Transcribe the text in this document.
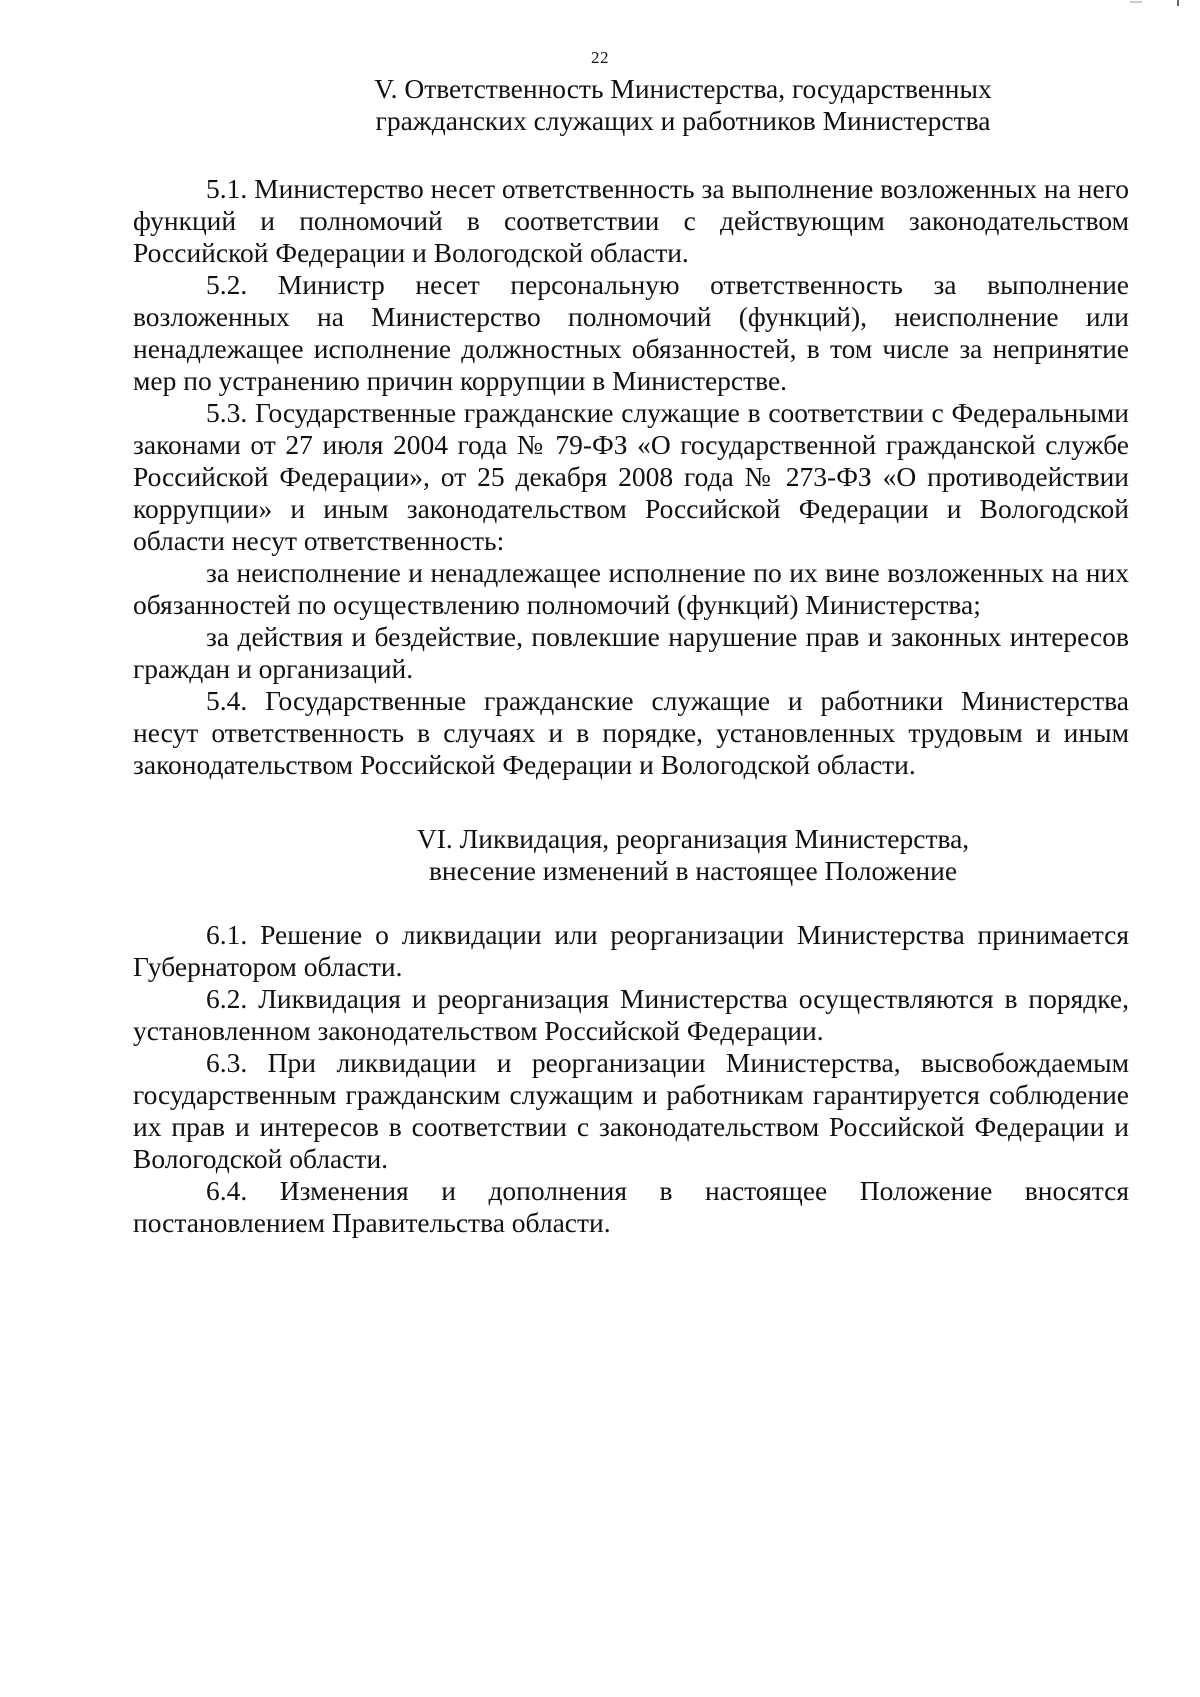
22
V. Ответственность Министерства, государственных
гражданских служащих и работников Министерства

5.1. Министерство несет ответственность за выполнение возложенных на него функций и полномочий в соответствии с действующим законодательством Российской Федерации и Вологодской области.

5.2. Министр несет персональную ответственность за выполнение возложенных на Министерство полномочий (функций), неисполнение или ненадлежащее исполнение должностных обязанностей, в том числе за непринятие мер по устранению причин коррупции в Министерстве.

5.3. Государственные гражданские служащие в соответствии с Федеральными законами от 27 июля 2004 года № 79-ФЗ «О государственной гражданской службе Российской Федерации», от 25 декабря 2008 года № 273-ФЗ «О противодействии коррупции» и иным законодательством Российской Федерации и Вологодской области несут ответственность:

за неисполнение и ненадлежащее исполнение по их вине возложенных на них обязанностей по осуществлению полномочий (функций) Министерства;

за действия и бездействие, повлекшие нарушение прав и законных интересов граждан и организаций.

5.4. Государственные гражданские служащие и работники Министерства несут ответственность в случаях и в порядке, установленных трудовым и иным законодательством Российской Федерации и Вологодской области.

VI. Ликвидация, реорганизация Министерства,
внесение изменений в настоящее Положение

6.1. Решение о ликвидации или реорганизации Министерства принимается Губернатором области.

6.2. Ликвидация и реорганизация Министерства осуществляются в порядке, установленном законодательством Российской Федерации.

6.3. При ликвидации и реорганизации Министерства, высвобождаемым государственным гражданским служащим и работникам гарантируется соблюдение их прав и интересов в соответствии с законодательством Российской Федерации и Вологодской области.

6.4. Изменения и дополнения в настоящее Положение вносятся постановлением Правительства области.
